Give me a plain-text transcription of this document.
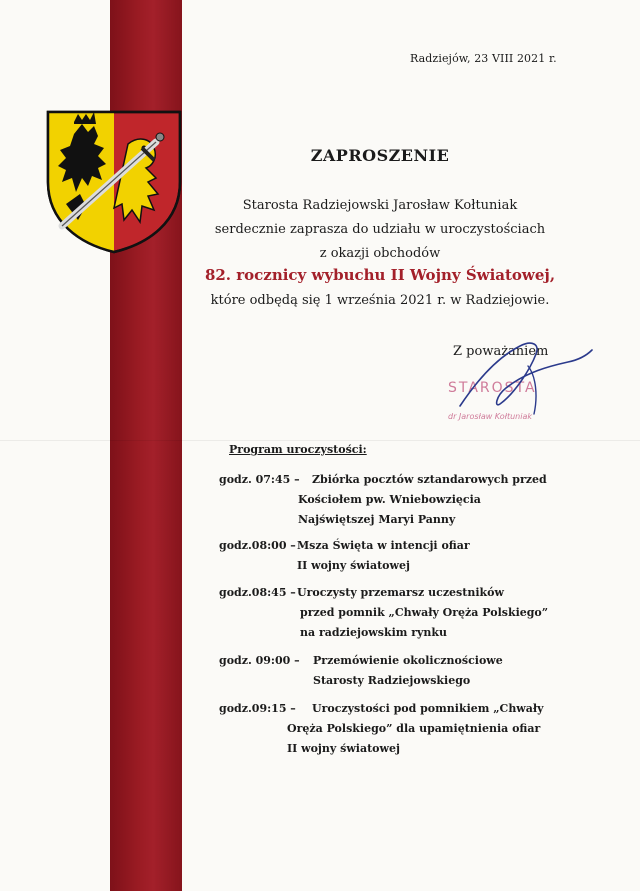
Radziejów, 23 VIII 2021 r.
ZAPROSZENIE
Starosta Radziejowski Jarosław Kołtuniak
serdecznie zaprasza do udziału w uroczystościach
z okazji obchodów
82. rocznicy wybuchu II Wojny Światowej,
które odbędą się 1 września 2021 r. w Radziejowie.
Z poważaniem
STAROSTA
dr Jarosław Kołtuniak
Program uroczystości:
godz. 07:45 – Zbiórka pocztów sztandarowych przed
Kościołem pw. Wniebowzięcia
Najświętszej Maryi Panny
godz.08:00 – Msza Święta w intencji ofiar
II wojny światowej
godz.08:45 – Uroczysty przemarsz uczestników
przed pomnik „Chwały Oręża Polskiego”
na radziejowskim rynku
godz. 09:00 – Przemówienie okolicznościowe
Starosty Radziejowskiego
godz.09:15 – Uroczystości pod pomnikiem „Chwały
Oręża Polskiego” dla upamiętnienia ofiar
II wojny światowej
